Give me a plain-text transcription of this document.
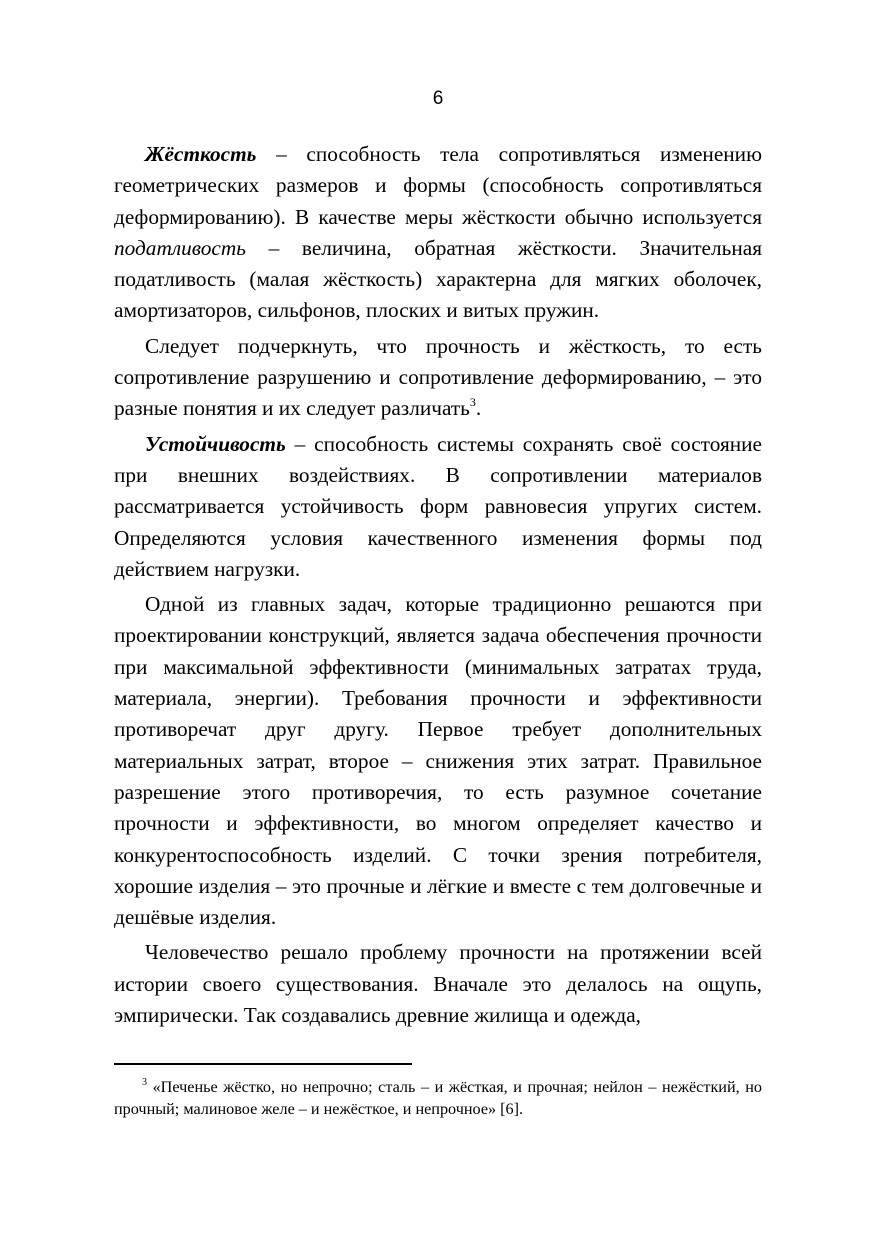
6

Жёсткость – способность тела сопротивляться изменению геометрических размеров и формы (способность сопротивляться деформированию). В качестве меры жёсткости обычно используется податливость – величина, обратная жёсткости. Значительная податливость (малая жёсткость) характерна для мягких оболочек, амортизаторов, сильфонов, плоских и витых пружин.

Следует подчеркнуть, что прочность и жёсткость, то есть сопротивление разрушению и сопротивление деформированию, – это разные понятия и их следует различать$^3$.

Устойчивость – способность системы сохранять своё состояние при внешних воздействиях. В сопротивлении материалов рассматривается устойчивость форм равновесия упругих систем. Определяются условия качественного изменения формы под действием нагрузки.

Одной из главных задач, которые традиционно решаются при проектировании конструкций, является задача обеспечения прочности при максимальной эффективности (минимальных затратах труда, материала, энергии). Требования прочности и эффективности противоречат друг другу. Первое требует дополнительных материальных затрат, второе – снижения этих затрат. Правильное разрешение этого противоречия, то есть разумное сочетание прочности и эффективности, во многом определяет качество и конкурентоспособность изделий. С точки зрения потребителя, хорошие изделия – это прочные и лёгкие и вместе с тем долговечные и дешёвые изделия.

Человечество решало проблему прочности на протяжении всей истории своего существования. Вначале это делалось на ощупь, эмпирически. Так создавались древние жилища и одежда,

$^3$ «Печенье жёстко, но непрочно; сталь – и жёсткая, и прочная; нейлон – нежёсткий, но прочный; малиновое желе – и нежёсткое, и непрочное» [6].
